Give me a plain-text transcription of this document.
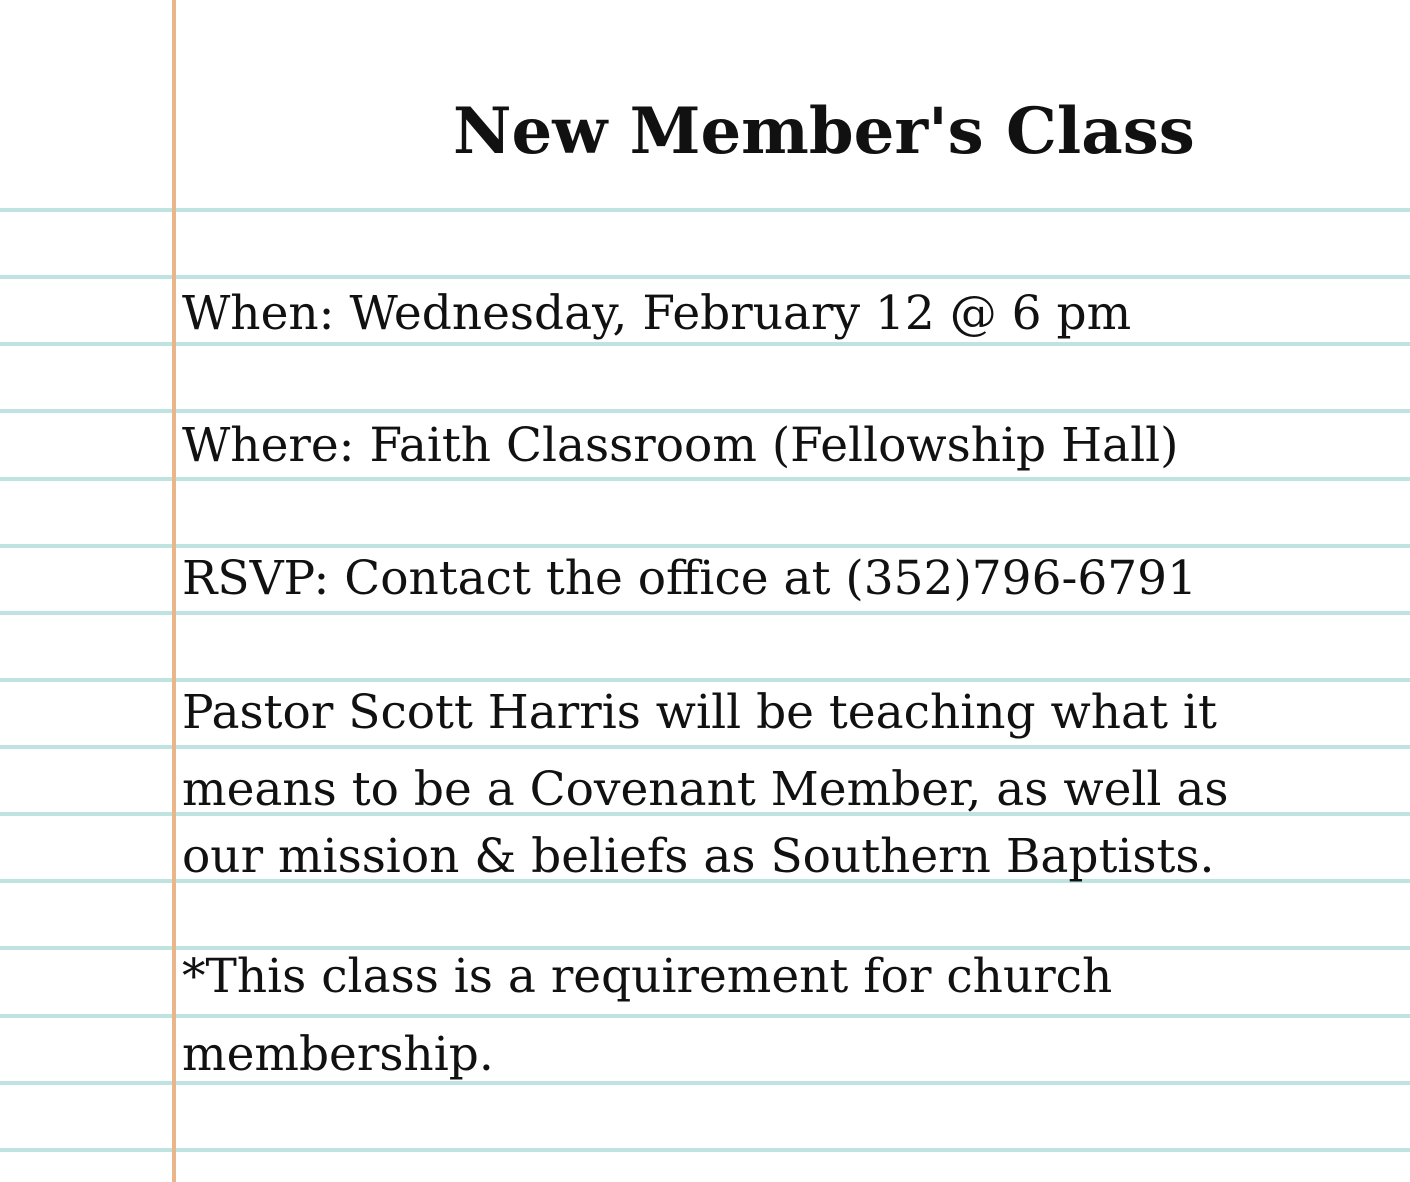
New Member's Class

When: Wednesday, February 12 @ 6 pm

Where: Faith Classroom (Fellowship Hall)

RSVP: Contact the office at (352)796-6791

Pastor Scott Harris will be teaching what it

means to be a Covenant Member, as well as

our mission & beliefs as Southern Baptists.

*This class is a requirement for church

membership.
